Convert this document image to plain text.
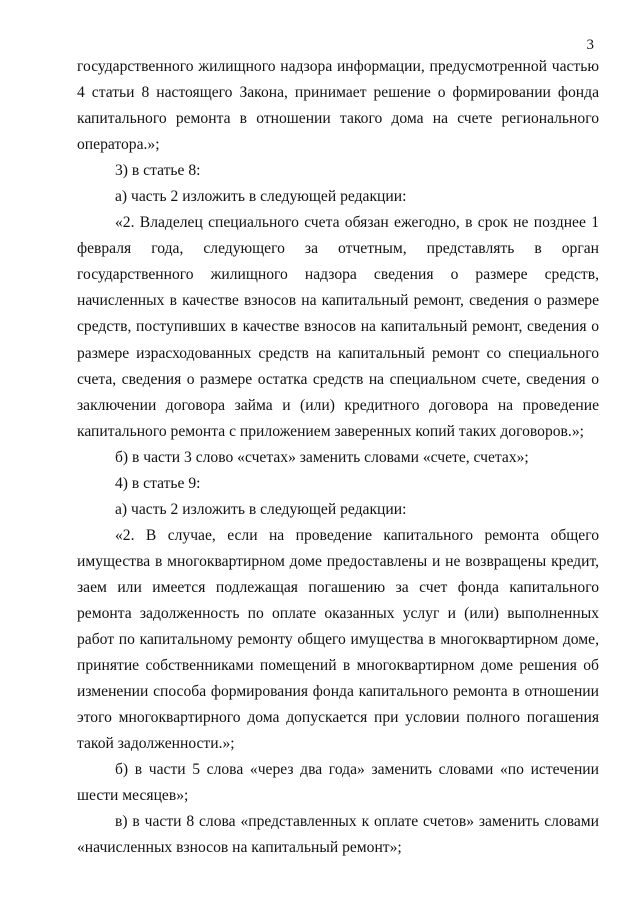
3

государственного жилищного надзора информации, предусмотренной частью 4 статьи 8 настоящего Закона, принимает решение о формировании фонда капитального ремонта в отношении такого дома на счете регионального оператора.»;

3) в статье 8:

а) часть 2 изложить в следующей редакции:

«2. Владелец специального счета обязан ежегодно, в срок не позднее 1 февраля года, следующего за отчетным, представлять в орган государственного жилищного надзора сведения о размере средств, начисленных в качестве взносов на капитальный ремонт, сведения о размере средств, поступивших в качестве взносов на капитальный ремонт, сведения о размере израсходованных средств на капитальный ремонт со специального счета, сведения о размере остатка средств на специальном счете, сведения о заключении договора займа и (или) кредитного договора на проведение капитального ремонта с приложением заверенных копий таких договоров.»;

б) в части 3 слово «счетах» заменить словами «счете, счетах»;

4) в статье 9:

а) часть 2 изложить в следующей редакции:

«2. В случае, если на проведение капитального ремонта общего имущества в многоквартирном доме предоставлены и не возвращены кредит, заем или имеется подлежащая погашению за счет фонда капитального ремонта задолженность по оплате оказанных услуг и (или) выполненных работ по капитальному ремонту общего имущества в многоквартирном доме, принятие собственниками помещений в многоквартирном доме решения об изменении способа формирования фонда капитального ремонта в отношении этого многоквартирного дома допускается при условии полного погашения такой задолженности.»;

б) в части 5 слова «через два года» заменить словами «по истечении шести месяцев»;

в) в части 8 слова «представленных к оплате счетов» заменить словами «начисленных взносов на капитальный ремонт»;
